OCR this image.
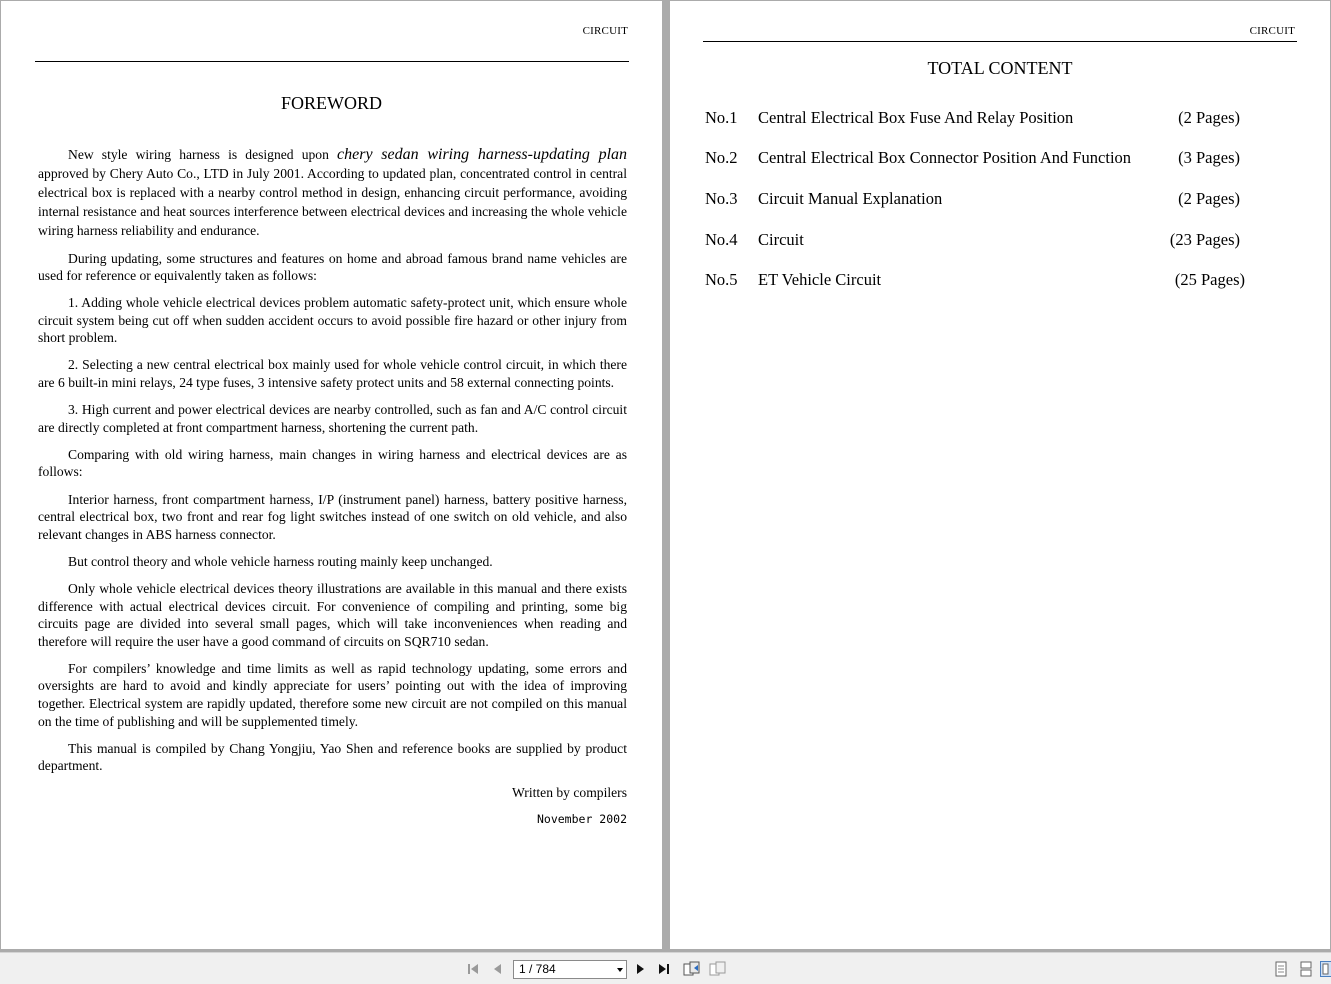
CIRCUIT
FOREWORD

New style wiring harness is designed upon chery sedan wiring harness-updating plan approved by Chery Auto Co., LTD in July 2001. According to updated plan, concentrated control in central electrical box is replaced with a nearby control method in design, enhancing circuit performance, avoiding internal resistance and heat sources interference between electrical devices and increasing the whole vehicle wiring harness reliability and endurance.

During updating, some structures and features on home and abroad famous brand name vehicles are used for reference or equivalently taken as follows:

1. Adding whole vehicle electrical devices problem automatic safety-protect unit, which ensure whole circuit system being cut off when sudden accident occurs to avoid possible fire hazard or other injury from short problem.

2. Selecting a new central electrical box mainly used for whole vehicle control circuit, in which there are 6 built-in mini relays, 24 type fuses, 3 intensive safety protect units and 58 external connecting points.

3. High current and power electrical devices are nearby controlled, such as fan and A/C control circuit are directly completed at front compartment harness, shortening the current path.

Comparing with old wiring harness, main changes in wiring harness and electrical devices are as follows:

Interior harness, front compartment harness, I/P (instrument panel) harness, battery positive harness, central electrical box, two front and rear fog light switches instead of one switch on old vehicle, and also relevant changes in ABS harness connector.

But control theory and whole vehicle harness routing mainly keep unchanged.

Only whole vehicle electrical devices theory illustrations are available in this manual and there exists difference with actual electrical devices circuit. For convenience of compiling and printing, some big circuits page are divided into several small pages, which will take inconveniences when reading and therefore will require the user have a good command of circuits on SQR710 sedan.

For compilers’ knowledge and time limits as well as rapid technology updating, some errors and oversights are hard to avoid and kindly appreciate for users’ pointing out with the idea of improving together. Electrical system are rapidly updated, therefore some new circuit are not compiled on this manual on the time of publishing and will be supplemented timely.

This manual is compiled by Chang Yongjiu, Yao Shen and reference books are supplied by product department.

Written by compilers
November 2002
CIRCUIT
TOTAL CONTENT
No.1 Central Electrical Box Fuse And Relay Position	(2 Pages)
No.2 Central Electrical Box Connector Position And Function	(3 Pages)
No.3 Circuit Manual Explanation	(2 Pages)
No.4 Circuit	(23 Pages)
No.5 ET Vehicle Circuit	(25 Pages)
1 / 784
